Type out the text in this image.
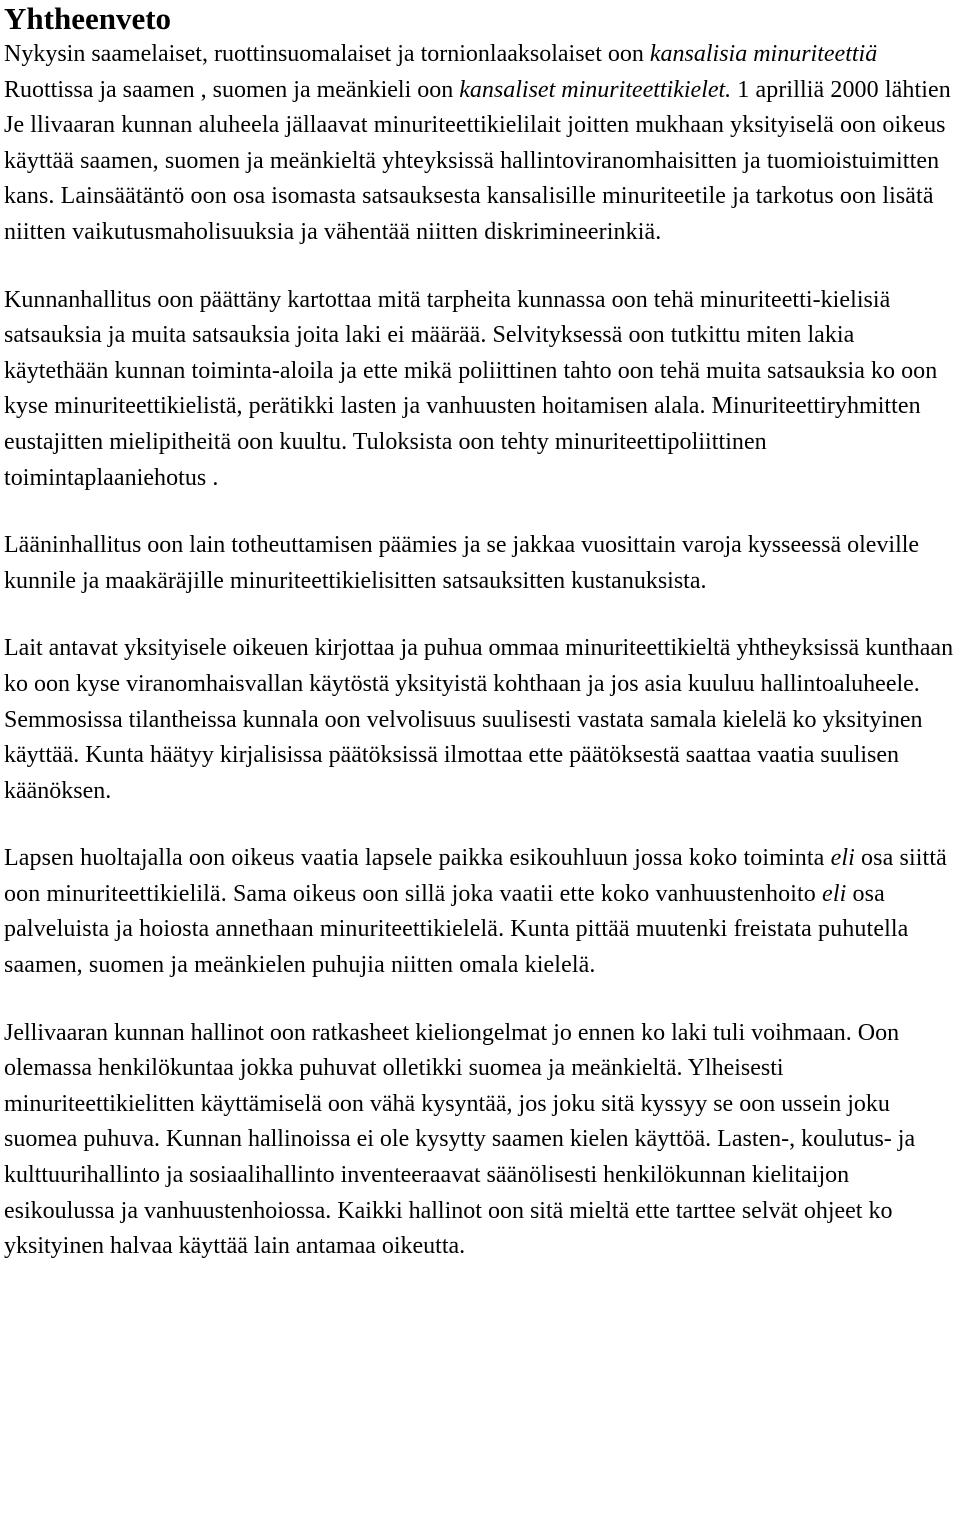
Yhtheenveto

Nykysin saamelaiset, ruottinsuomalaiset ja tornionlaaksolaiset oon kansalisia minuriteettiä Ruottissa ja saamen , suomen ja meänkieli oon kansaliset minuriteettikielet. 1 aprilliä 2000 lähtien Je llivaaran kunnan aluheela jällaavat minuriteettikielilait joitten mukhaan yksityiselä oon oikeus käyttää saamen, suomen ja meänkieltä yhteyksissä hallintoviranomhaisitten ja tuomioistuimitten kans. Lainsäätäntö oon osa isomasta satsauksesta kansalisille minuriteetile ja tarkotus oon lisätä niitten vaikutusmaholisuuksia ja vähentää niitten diskrimineerinkiä.

Kunnanhallitus oon päättäny kartottaa mitä tarpheita kunnassa oon tehä minuriteetti-kielisiä satsauksia ja muita satsauksia joita laki ei määrää. Selvityksessä oon tutkittu miten lakia käytethään kunnan toiminta-aloila ja ette mikä poliittinen tahto oon tehä muita satsauksia ko oon kyse minuriteettikielistä, perätikki lasten ja vanhuusten hoitamisen alala. Minuriteettiryhmitten eustajitten mielipitheitä oon kuultu. Tuloksista oon tehty minuriteettipoliittinen toimintaplaaniehotus .

Lääninhallitus oon lain totheuttamisen päämies ja se jakkaa vuosittain varoja kysseessä oleville kunnile ja maakäräjille minuriteettikielisitten satsauksitten kustanuksista.

Lait antavat yksityisele oikeuen kirjottaa ja puhua ommaa minuriteettikieltä yhtheyksissä kunthaan ko oon kyse viranomhaisvallan käytöstä yksityistä kohthaan ja jos asia kuuluu hallintoaluheele. Semmosissa tilantheissa kunnala oon velvolisuus suulisesti vastata samala kielelä ko yksityinen käyttää. Kunta häätyy kirjalisissa päätöksissä ilmottaa ette päätöksestä saattaa vaatia suulisen käänöksen.

Lapsen huoltajalla oon oikeus vaatia lapsele paikka esikouhluun jossa koko toiminta eli osa siittä oon minuriteettikielilä. Sama oikeus oon sillä joka vaatii ette koko vanhuustenhoito eli osa palveluista ja hoiosta annethaan minuriteettikielelä. Kunta pittää muutenki freistata puhutella saamen, suomen ja meänkielen puhujia niitten omala kielelä.

Jellivaaran kunnan hallinot oon ratkasheet kieliongelmat jo ennen ko laki tuli voihmaan. Oon olemassa henkilökuntaa jokka puhuvat olletikki suomea ja meänkieltä. Ylheisesti minuriteettikielitten käyttämiselä oon vähä kysyntää, jos joku sitä kyssyy se oon ussein joku suomea puhuva. Kunnan hallinoissa ei ole kysytty saamen kielen käyttöä. Lasten-, koulutus- ja kulttuurihallinto ja sosiaalihallinto inventeeraavat säänölisesti henkilökunnan kielitaijon esikoulussa ja vanhuustenhoiossa. Kaikki hallinot oon sitä mieltä ette tarttee selvät ohjeet ko yksityinen halvaa käyttää lain antamaa oikeutta.
